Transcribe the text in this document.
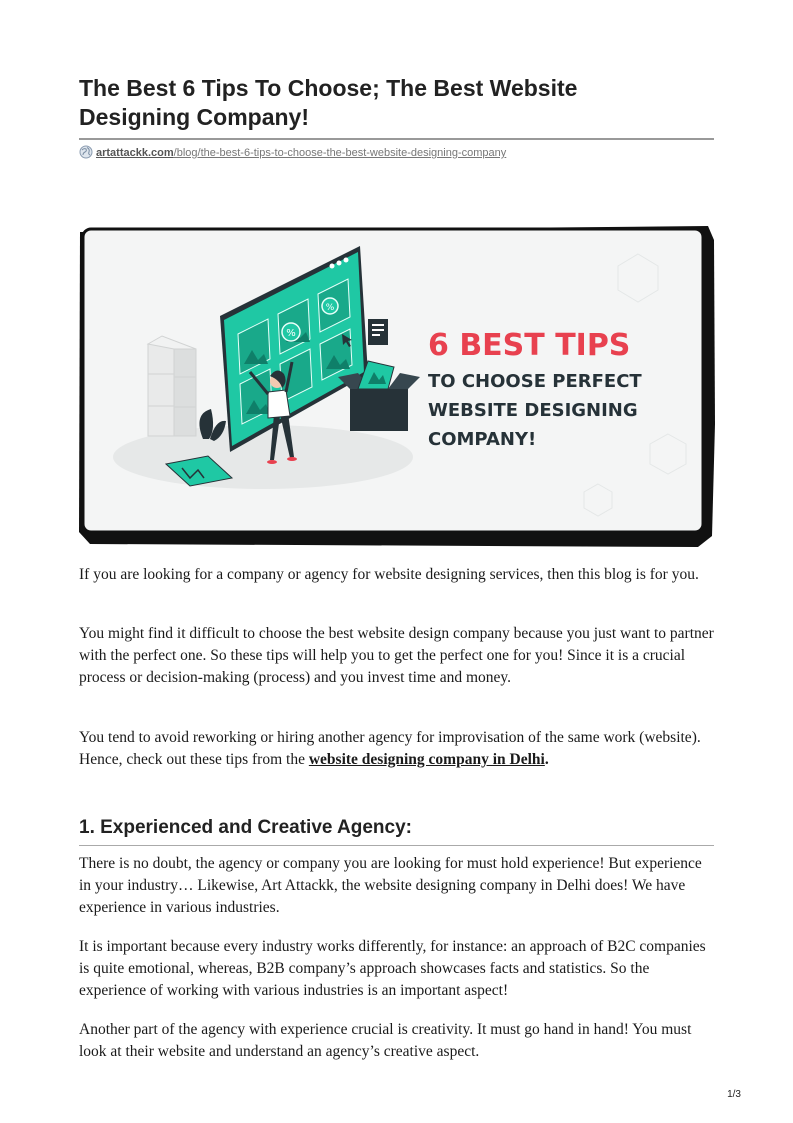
The Best 6 Tips To Choose; The Best Website Designing Company!
artattackk.com/blog/the-best-6-tips-to-choose-the-best-website-designing-company
%
%
6 BEST TIPS
TO CHOOSE PERFECT
WEBSITE DESIGNING
COMPANY!

If you are looking for a company or agency for website designing services, then this blog is for you.

You might find it difficult to choose the best website design company because you just want to partner with the perfect one. So these tips will help you to get the perfect one for you! Since it is a crucial process or decision-making (process) and you invest time and money.

You tend to avoid reworking or hiring another agency for improvisation of the same work (website). Hence, check out these tips from the website designing company in Delhi.

1. Experienced and Creative Agency:

There is no doubt, the agency or company you are looking for must hold experience! But experience in your industry… Likewise, Art Attackk, the website designing company in Delhi does! We have experience in various industries.

It is important because every industry works differently, for instance: an approach of B2C companies is quite emotional, whereas, B2B company’s approach showcases facts and statistics. So the experience of working with various industries is an important aspect!

Another part of the agency with experience crucial is creativity. It must go hand in hand! You must look at their website and understand an agency’s creative aspect.

1/3
